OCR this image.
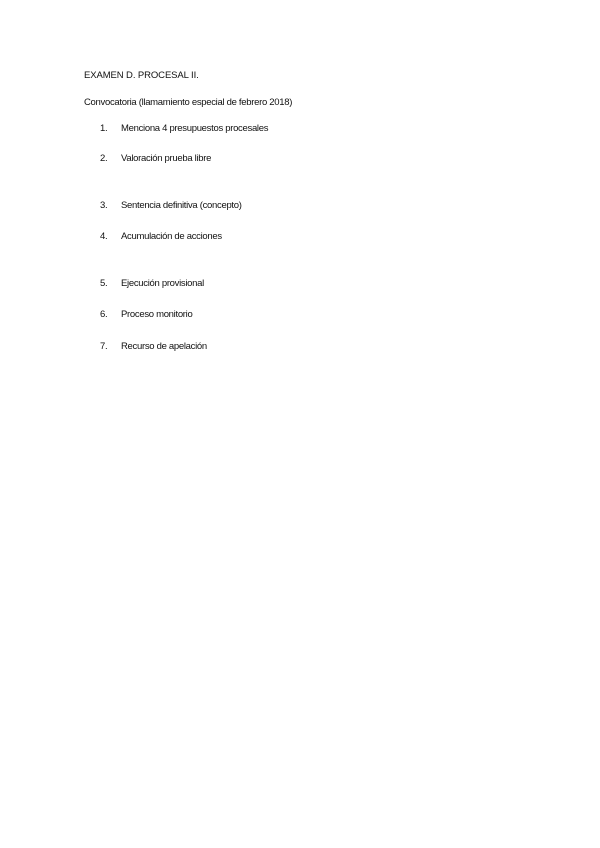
EXAMEN D. PROCESAL II.
Convocatoria (llamamiento especial de febrero 2018)
1. Menciona 4 presupuestos procesales
2. Valoración prueba libre
3. Sentencia definitiva (concepto)
4. Acumulación de acciones
5. Ejecución provisional
6. Proceso monitorio
7. Recurso de apelación
